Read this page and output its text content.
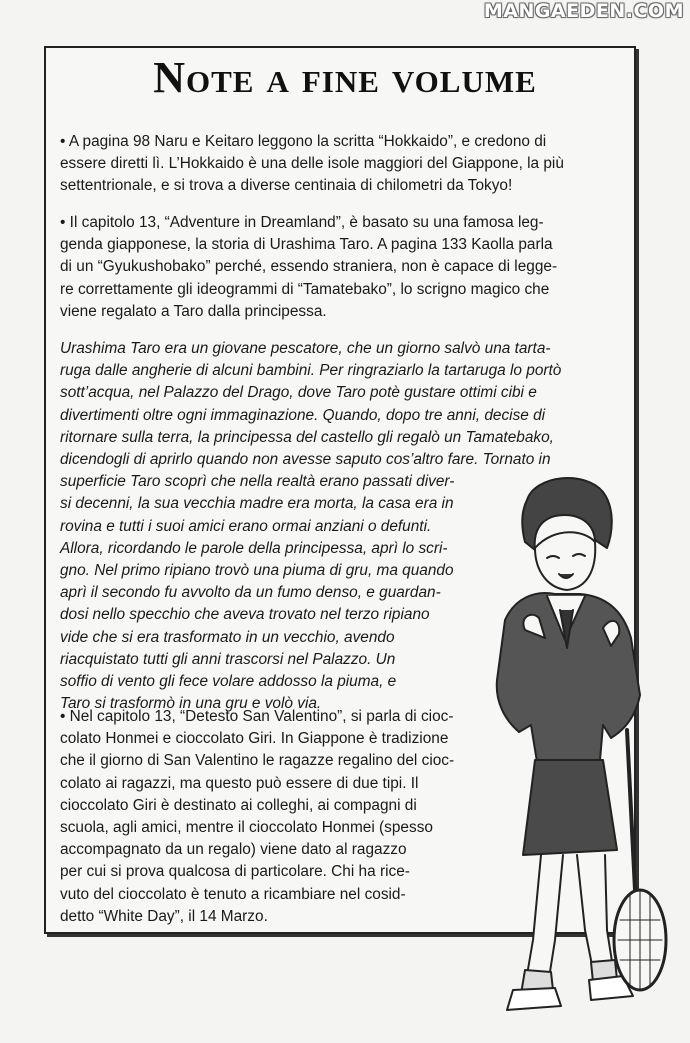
MANGAEDEN.COM
Note a fine volume
• A pagina 98 Naru e Keitaro leggono la scritta “Hokkaido”, e credono di
essere diretti lì. L’Hokkaido è una delle isole maggiori del Giappone, la più
settentrionale, e si trova a diverse centinaia di chilometri da Tokyo!
• Il capitolo 13, “Adventure in Dreamland”, è basato su una famosa leg-
genda giapponese, la storia di Urashima Taro. A pagina 133 Kaolla parla
di un “Gyukushobako” perché, essendo straniera, non è capace di legge-
re correttamente gli ideogrammi di “Tamatebako”, lo scrigno magico che
viene regalato a Taro dalla principessa.
Urashima Taro era un giovane pescatore, che un giorno salvò una tarta-
ruga dalle angherie di alcuni bambini. Per ringraziarlo la tartaruga lo portò
sott’acqua, nel Palazzo del Drago, dove Taro potè gustare ottimi cibi e
divertimenti oltre ogni immaginazione. Quando, dopo tre anni, decise di
ritornare sulla terra, la principessa del castello gli regalò un Tamatebako,
dicendogli di aprirlo quando non avesse saputo cos’altro fare. Tornato in
superficie Taro scoprì che nella realtà erano passati diver-
si decenni, la sua vecchia madre era morta, la casa era in
rovina e tutti i suoi amici erano ormai anziani o defunti.
Allora, ricordando le parole della principessa, aprì lo scri-
gno. Nel primo ripiano trovò una piuma di gru, ma quando
aprì il secondo fu avvolto da un fumo denso, e guardan-
dosi nello specchio che aveva trovato nel terzo ripiano
vide che si era trasformato in un vecchio, avendo
riacquistato tutti gli anni trascorsi nel Palazzo. Un
soffio di vento gli fece volare addosso la piuma, e
Taro si trasformò in una gru e volò via.
• Nel capitolo 13, “Detesto San Valentino”, si parla di cioc-
colato Honmei e cioccolato Giri. In Giappone è tradizione
che il giorno di San Valentino le ragazze regalino del cioc-
colato ai ragazzi, ma questo può essere di due tipi. Il
cioccolato Giri è destinato ai colleghi, ai compagni di
scuola, agli amici, mentre il cioccolato Honmei (spesso
accompagnato da un regalo) viene dato al ragazzo
per cui si prova qualcosa di particolare. Chi ha rice-
vuto del cioccolato è tenuto a ricambiare nel cosid-
detto “White Day”, il 14 Marzo.
